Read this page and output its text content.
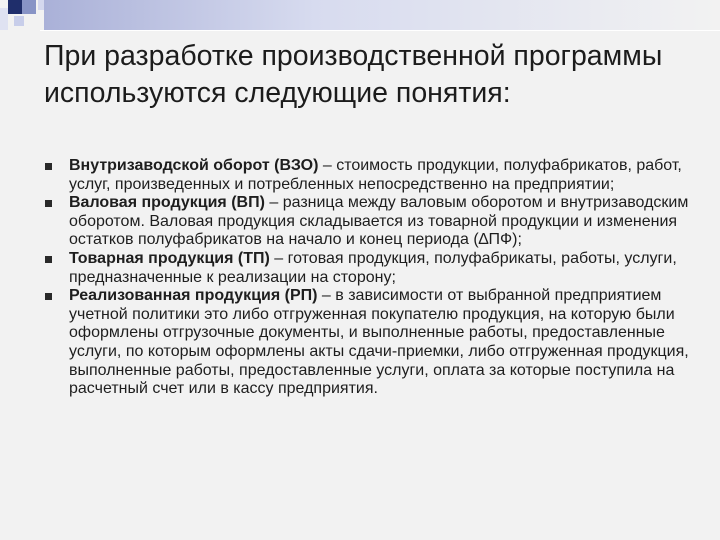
При разработке производственной программы используются следующие понятия:
Внутризаводской оборот (ВЗО) – стоимость продукции, полуфабрикатов, работ, услуг, произведенных и потребленных непосредственно на предприятии;
Валовая продукция (ВП) – разница между валовым оборотом и внутризаводским оборотом. Валовая продукция складывается из товарной продукции и изменения остатков полуфабрикатов на начало и конец периода (∆ПФ);
Товарная продукция (ТП) – готовая продукция, полуфабрикаты, работы, услуги, предназначенные к реализации на сторону;
Реализованная продукция (РП) – в зависимости от выбранной предприятием учетной политики это либо отгруженная покупателю продукция, на которую были оформлены отгрузочные документы, и выполненные работы, предоставленные услуги, по которым оформлены акты сдачи-приемки, либо отгруженная продукция, выполненные работы, предоставленные услуги, оплата за которые поступила на расчетный счет или в кассу предприятия.
